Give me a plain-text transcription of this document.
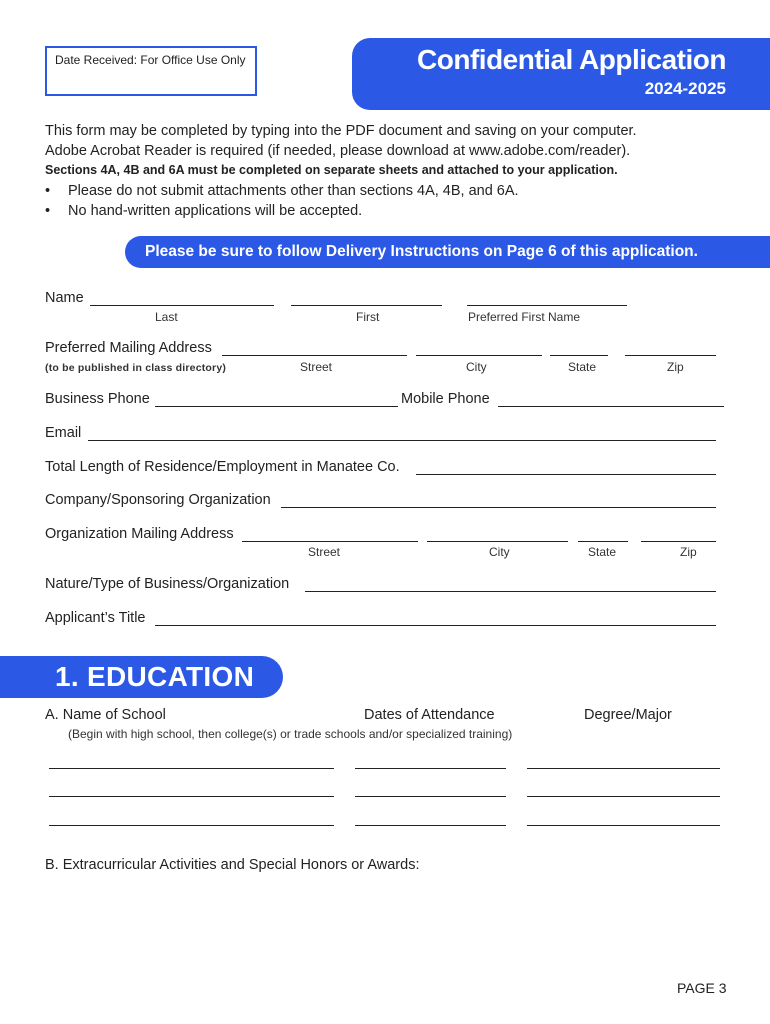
Date Received: For Office Use Only	Confidential Application
2024-2025
This form may be completed by typing into the PDF document and saving on your computer.
Adobe Acrobat Reader is required (if needed, please download at www.adobe.com/reader).
Sections 4A, 4B and 6A must be completed on separate sheets and attached to your application.
• Please do not submit attachments other than sections 4A, 4B, and 6A.
• No hand-written applications will be accepted.
Please be sure to follow Delivery Instructions on Page 6 of this application.
Name
Last	First	Preferred First Name
Preferred Mailing Address
(to be published in class directory)	Street	City	State	Zip
Business Phone	Mobile Phone
Email
Total Length of Residence/Employment in Manatee Co.
Company/Sponsoring Organization
Organization Mailing Address
Street	City	State	Zip
Nature/Type of Business/Organization
Applicant’s Title
1. EDUCATION
A. Name of School	Dates of Attendance	Degree/Major
(Begin with high school, then college(s) or trade schools and/or specialized training)
B. Extracurricular Activities and Special Honors or Awards:
PAGE 3
